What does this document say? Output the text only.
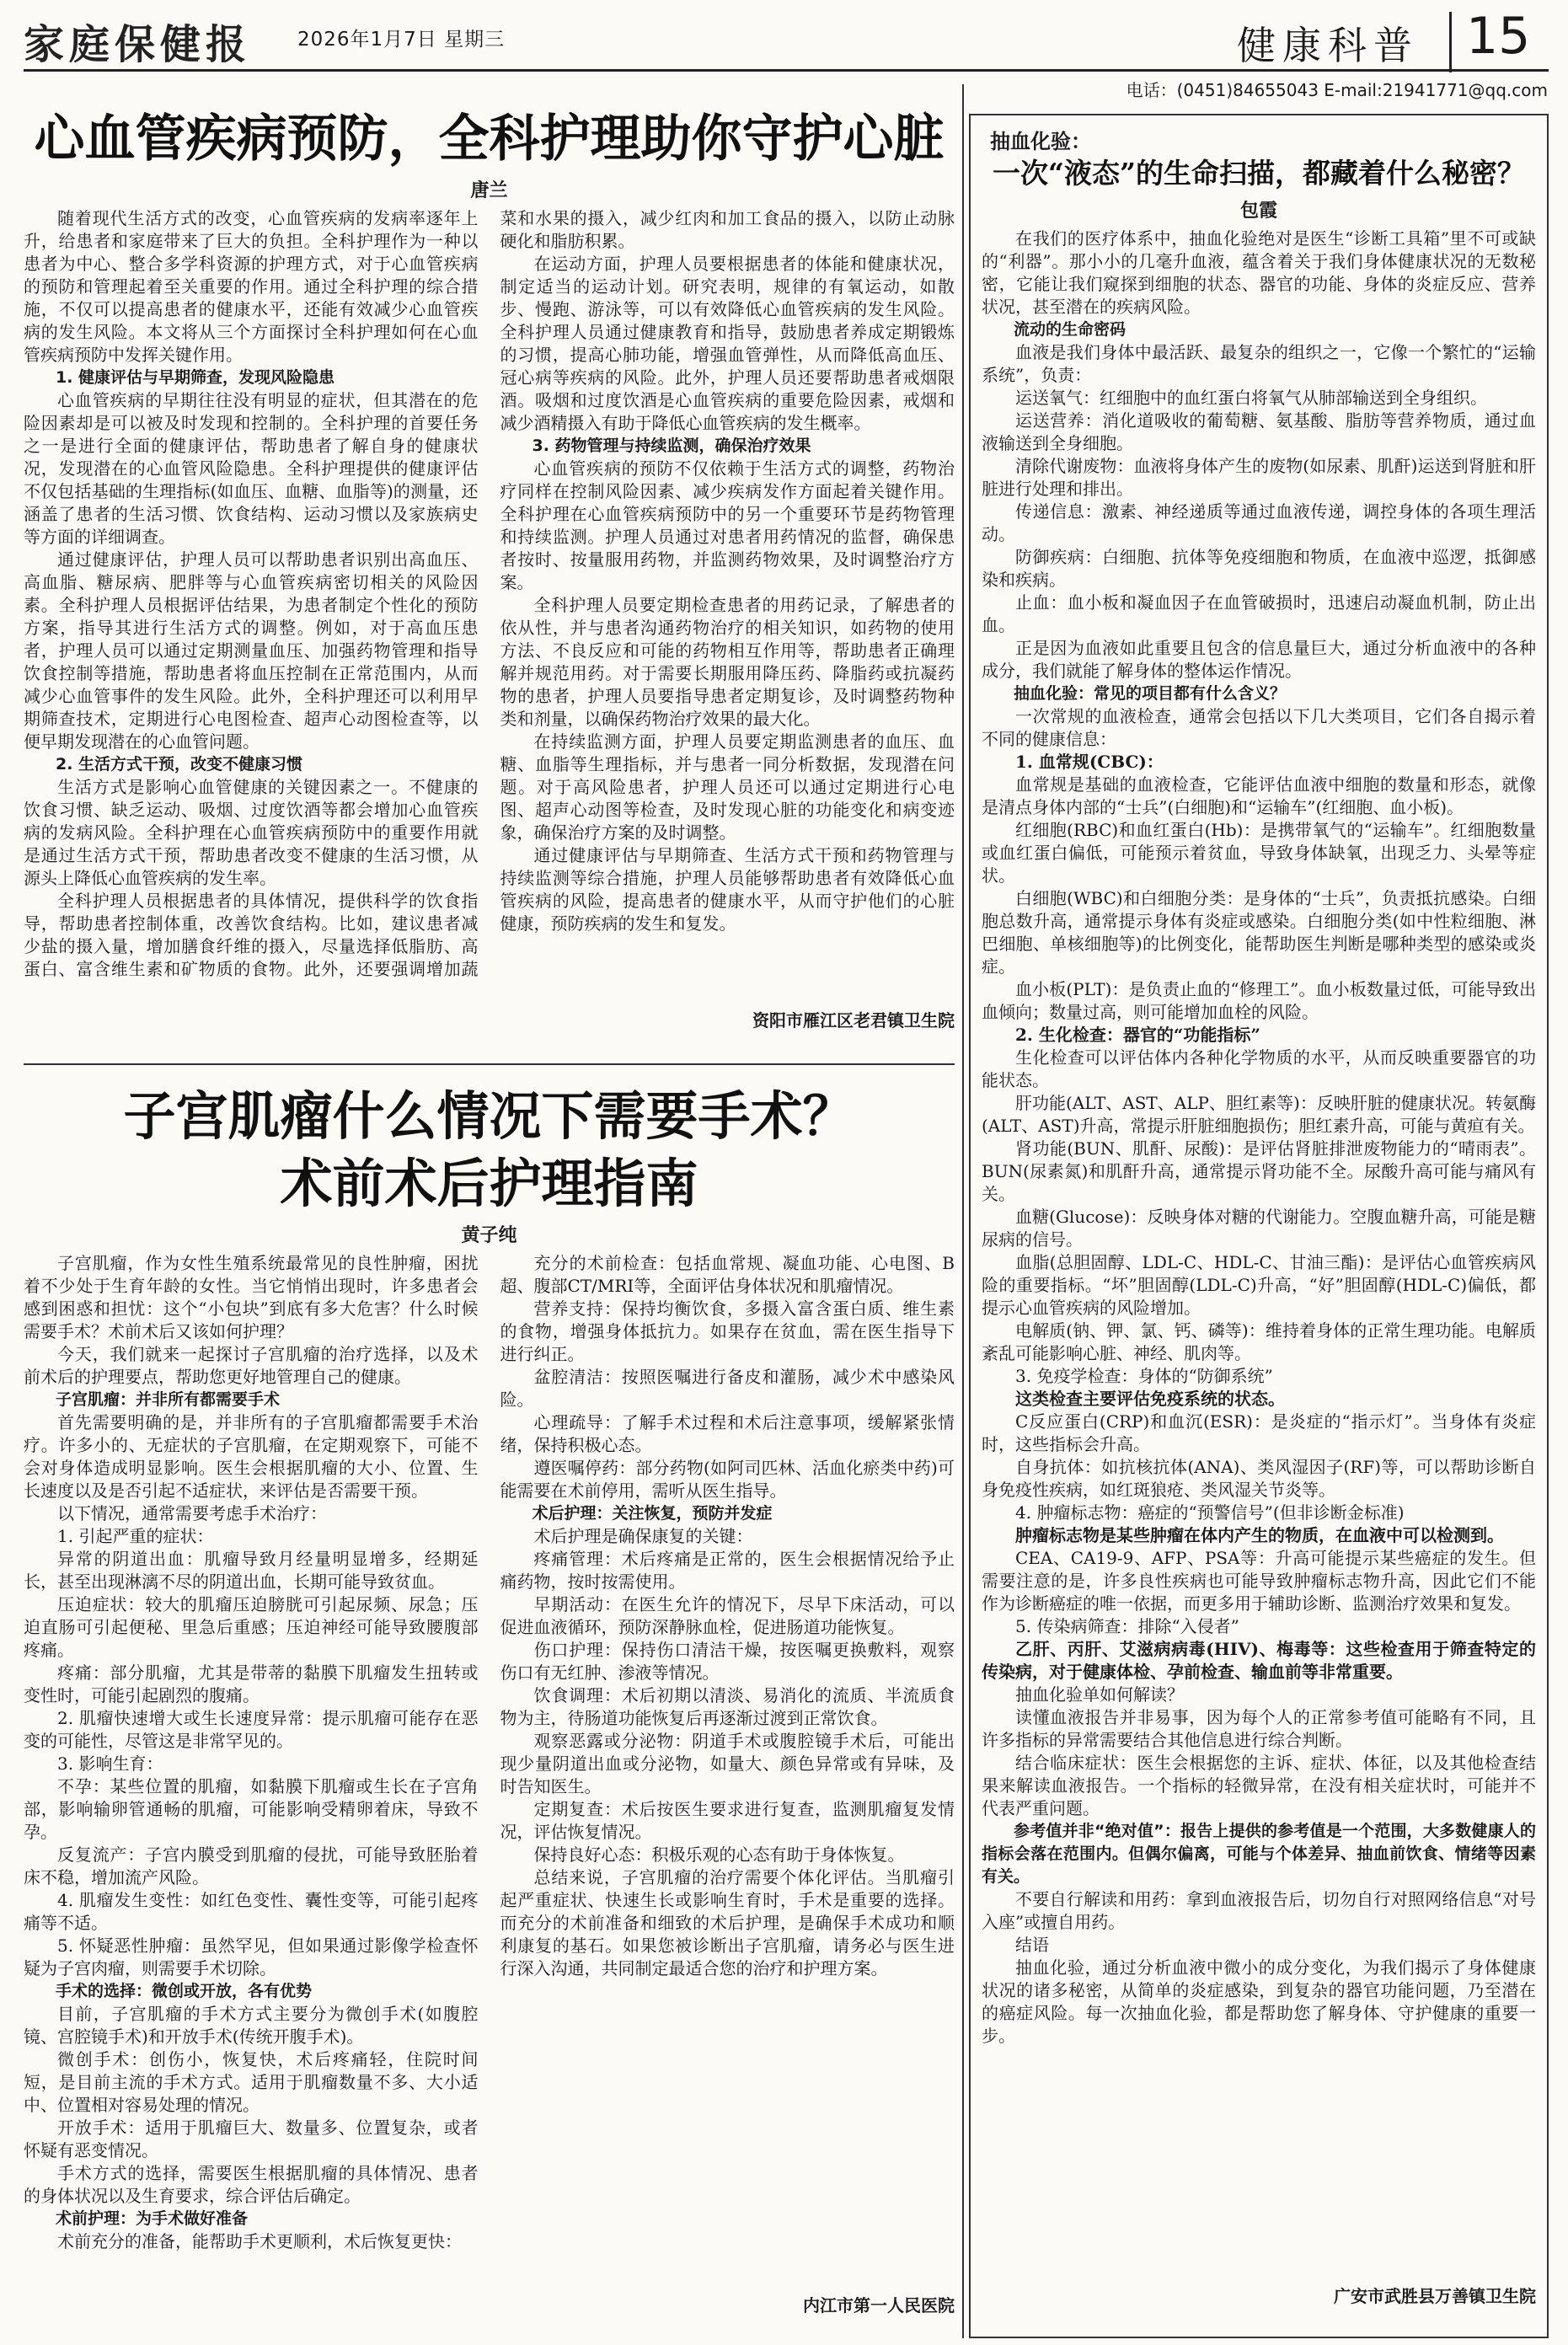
家庭保健报 2026年1月7日 星期三	健康科普 15
电话：(0451)84655043 E-mail:21941771@qq.com
心血管疾病预防，全科护理助你守护心脏
唐兰

随着现代生活方式的改变，心血管疾病的发病率逐年上升，给患者和家庭带来了巨大的负担。全科护理作为一种以患者为中心、整合多学科资源的护理方式，对于心血管疾病的预防和管理起着至关重要的作用。通过全科护理的综合措施，不仅可以提高患者的健康水平，还能有效减少心血管疾病的发生风险。本文将从三个方面探讨全科护理如何在心血管疾病预防中发挥关键作用。

1. 健康评估与早期筛查，发现风险隐患

心血管疾病的早期往往没有明显的症状，但其潜在的危险因素却是可以被及时发现和控制的。全科护理的首要任务之一是进行全面的健康评估，帮助患者了解自身的健康状况，发现潜在的心血管风险隐患。全科护理提供的健康评估不仅包括基础的生理指标(如血压、血糖、血脂等)的测量，还涵盖了患者的生活习惯、饮食结构、运动习惯以及家族病史等方面的详细调查。

通过健康评估，护理人员可以帮助患者识别出高血压、高血脂、糖尿病、肥胖等与心血管疾病密切相关的风险因素。全科护理人员根据评估结果，为患者制定个性化的预防方案，指导其进行生活方式的调整。例如，对于高血压患者，护理人员可以通过定期测量血压、加强药物管理和指导饮食控制等措施，帮助患者将血压控制在正常范围内，从而减少心血管事件的发生风险。此外，全科护理还可以利用早期筛查技术，定期进行心电图检查、超声心动图检查等，以便早期发现潜在的心血管问题。

2. 生活方式干预，改变不健康习惯

生活方式是影响心血管健康的关键因素之一。不健康的饮食习惯、缺乏运动、吸烟、过度饮酒等都会增加心血管疾病的发病风险。全科护理在心血管疾病预防中的重要作用就是通过生活方式干预，帮助患者改变不健康的生活习惯，从源头上降低心血管疾病的发生率。

全科护理人员根据患者的具体情况，提供科学的饮食指导，帮助患者控制体重，改善饮食结构。比如，建议患者减少盐的摄入量，增加膳食纤维的摄入，尽量选择低脂肪、高蛋白、富含维生素和矿物质的食物。此外，还要强调增加蔬菜和水果的摄入，减少红肉和加工食品的摄入，以防止动脉硬化和脂肪积累。

在运动方面，护理人员要根据患者的体能和健康状况，制定适当的运动计划。研究表明，规律的有氧运动，如散步、慢跑、游泳等，可以有效降低心血管疾病的发生风险。全科护理人员通过健康教育和指导，鼓励患者养成定期锻炼的习惯，提高心肺功能，增强血管弹性，从而降低高血压、冠心病等疾病的风险。此外，护理人员还要帮助患者戒烟限酒。吸烟和过度饮酒是心血管疾病的重要危险因素，戒烟和减少酒精摄入有助于降低心血管疾病的发生概率。

3. 药物管理与持续监测，确保治疗效果

心血管疾病的预防不仅依赖于生活方式的调整，药物治疗同样在控制风险因素、减少疾病发作方面起着关键作用。全科护理在心血管疾病预防中的另一个重要环节是药物管理和持续监测。护理人员通过对患者用药情况的监督，确保患者按时、按量服用药物，并监测药物效果，及时调整治疗方案。

全科护理人员要定期检查患者的用药记录，了解患者的依从性，并与患者沟通药物治疗的相关知识，如药物的使用方法、不良反应和可能的药物相互作用等，帮助患者正确理解并规范用药。对于需要长期服用降压药、降脂药或抗凝药物的患者，护理人员要指导患者定期复诊，及时调整药物种类和剂量，以确保药物治疗效果的最大化。

在持续监测方面，护理人员要定期监测患者的血压、血糖、血脂等生理指标，并与患者一同分析数据，发现潜在问题。对于高风险患者，护理人员还可以通过定期进行心电图、超声心动图等检查，及时发现心脏的功能变化和病变迹象，确保治疗方案的及时调整。

通过健康评估与早期筛查、生活方式干预和药物管理与持续监测等综合措施，护理人员能够帮助患者有效降低心血管疾病的风险，提高患者的健康水平，从而守护他们的心脏健康，预防疾病的发生和复发。

资阳市雁江区老君镇卫生院
子宫肌瘤什么情况下需要手术？
术前术后护理指南
黄子纯

子宫肌瘤，作为女性生殖系统最常见的良性肿瘤，困扰着不少处于生育年龄的女性。当它悄悄出现时，许多患者会感到困惑和担忧：这个“小包块”到底有多大危害？什么时候需要手术？术前术后又该如何护理？

今天，我们就来一起探讨子宫肌瘤的治疗选择，以及术前术后的护理要点，帮助您更好地管理自己的健康。

子宫肌瘤：并非所有都需要手术

首先需要明确的是，并非所有的子宫肌瘤都需要手术治疗。许多小的、无症状的子宫肌瘤，在定期观察下，可能不会对身体造成明显影响。医生会根据肌瘤的大小、位置、生长速度以及是否引起不适症状，来评估是否需要干预。

以下情况，通常需要考虑手术治疗：

1. 引起严重的症状：

异常的阴道出血：肌瘤导致月经量明显增多，经期延长，甚至出现淋漓不尽的阴道出血，长期可能导致贫血。

压迫症状：较大的肌瘤压迫膀胱可引起尿频、尿急；压迫直肠可引起便秘、里急后重感；压迫神经可能导致腰腹部疼痛。

疼痛：部分肌瘤，尤其是带蒂的黏膜下肌瘤发生扭转或变性时，可能引起剧烈的腹痛。

2. 肌瘤快速增大或生长速度异常：提示肌瘤可能存在恶变的可能性，尽管这是非常罕见的。

3. 影响生育：

不孕：某些位置的肌瘤，如黏膜下肌瘤或生长在子宫角部，影响输卵管通畅的肌瘤，可能影响受精卵着床，导致不孕。

反复流产：子宫内膜受到肌瘤的侵扰，可能导致胚胎着床不稳，增加流产风险。

4. 肌瘤发生变性：如红色变性、囊性变等，可能引起疼痛等不适。

5. 怀疑恶性肿瘤：虽然罕见，但如果通过影像学检查怀疑为子宫肉瘤，则需要手术切除。

手术的选择：微创或开放，各有优势

目前，子宫肌瘤的手术方式主要分为微创手术(如腹腔镜、宫腔镜手术)和开放手术(传统开腹手术)。

微创手术：创伤小，恢复快，术后疼痛轻，住院时间短，是目前主流的手术方式。适用于肌瘤数量不多、大小适中、位置相对容易处理的情况。

开放手术：适用于肌瘤巨大、数量多、位置复杂，或者怀疑有恶变情况。

手术方式的选择，需要医生根据肌瘤的具体情况、患者的身体状况以及生育要求，综合评估后确定。

术前护理：为手术做好准备

术前充分的准备，能帮助手术更顺利，术后恢复更快：

充分的术前检查：包括血常规、凝血功能、心电图、B超、腹部CT/MRI等，全面评估身体状况和肌瘤情况。

营养支持：保持均衡饮食，多摄入富含蛋白质、维生素的食物，增强身体抵抗力。如果存在贫血，需在医生指导下进行纠正。

盆腔清洁：按照医嘱进行备皮和灌肠，减少术中感染风险。

心理疏导：了解手术过程和术后注意事项，缓解紧张情绪，保持积极心态。

遵医嘱停药：部分药物(如阿司匹林、活血化瘀类中药)可能需要在术前停用，需听从医生指导。

术后护理：关注恢复，预防并发症

术后护理是确保康复的关键：

疼痛管理：术后疼痛是正常的，医生会根据情况给予止痛药物，按时按需使用。

早期活动：在医生允许的情况下，尽早下床活动，可以促进血液循环，预防深静脉血栓，促进肠道功能恢复。

伤口护理：保持伤口清洁干燥，按医嘱更换敷料，观察伤口有无红肿、渗液等情况。

饮食调理：术后初期以清淡、易消化的流质、半流质食物为主，待肠道功能恢复后再逐渐过渡到正常饮食。

观察恶露或分泌物：阴道手术或腹腔镜手术后，可能出现少量阴道出血或分泌物，如量大、颜色异常或有异味，及时告知医生。

定期复查：术后按医生要求进行复查，监测肌瘤复发情况，评估恢复情况。

保持良好心态：积极乐观的心态有助于身体恢复。

总结来说，子宫肌瘤的治疗需要个体化评估。当肌瘤引起严重症状、快速生长或影响生育时，手术是重要的选择。而充分的术前准备和细致的术后护理，是确保手术成功和顺利康复的基石。如果您被诊断出子宫肌瘤，请务必与医生进行深入沟通，共同制定最适合您的治疗和护理方案。

内江市第一人民医院
抽血化验：
一次“液态”的生命扫描，都藏着什么秘密？
包霞

在我们的医疗体系中，抽血化验绝对是医生“诊断工具箱”里不可或缺的“利器”。那小小的几毫升血液，蕴含着关于我们身体健康状况的无数秘密，它能让我们窥探到细胞的状态、器官的功能、身体的炎症反应、营养状况，甚至潜在的疾病风险。

流动的生命密码

血液是我们身体中最活跃、最复杂的组织之一，它像一个繁忙的“运输系统”，负责：

运送氧气：红细胞中的血红蛋白将氧气从肺部输送到全身组织。

运送营养：消化道吸收的葡萄糖、氨基酸、脂肪等营养物质，通过血液输送到全身细胞。

清除代谢废物：血液将身体产生的废物(如尿素、肌酐)运送到肾脏和肝脏进行处理和排出。

传递信息：激素、神经递质等通过血液传递，调控身体的各项生理活动。

防御疾病：白细胞、抗体等免疫细胞和物质，在血液中巡逻，抵御感染和疾病。

止血：血小板和凝血因子在血管破损时，迅速启动凝血机制，防止出血。

正是因为血液如此重要且包含的信息量巨大，通过分析血液中的各种成分，我们就能了解身体的整体运作情况。

抽血化验：常见的项目都有什么含义？

一次常规的血液检查，通常会包括以下几大类项目，它们各自揭示着不同的健康信息：

1. 血常规(CBC)：

血常规是基础的血液检查，它能评估血液中细胞的数量和形态，就像是清点身体内部的“士兵”(白细胞)和“运输车”(红细胞、血小板)。

红细胞(RBC)和血红蛋白(Hb)：是携带氧气的“运输车”。红细胞数量或血红蛋白偏低，可能预示着贫血，导致身体缺氧，出现乏力、头晕等症状。

白细胞(WBC)和白细胞分类：是身体的“士兵”，负责抵抗感染。白细胞总数升高，通常提示身体有炎症或感染。白细胞分类(如中性粒细胞、淋巴细胞、单核细胞等)的比例变化，能帮助医生判断是哪种类型的感染或炎症。

血小板(PLT)：是负责止血的“修理工”。血小板数量过低，可能导致出血倾向；数量过高，则可能增加血栓的风险。

2. 生化检查：器官的“功能指标”

生化检查可以评估体内各种化学物质的水平，从而反映重要器官的功能状态。

肝功能(ALT、AST、ALP、胆红素等)：反映肝脏的健康状况。转氨酶(ALT、AST)升高，常提示肝脏细胞损伤；胆红素升高，可能与黄疸有关。

肾功能(BUN、肌酐、尿酸)：是评估肾脏排泄废物能力的“晴雨表”。BUN(尿素氮)和肌酐升高，通常提示肾功能不全。尿酸升高可能与痛风有关。

血糖(Glucose)：反映身体对糖的代谢能力。空腹血糖升高，可能是糖尿病的信号。

血脂(总胆固醇、LDL-C、HDL-C、甘油三酯)：是评估心血管疾病风险的重要指标。“坏”胆固醇(LDL-C)升高，“好”胆固醇(HDL-C)偏低，都提示心血管疾病的风险增加。

电解质(钠、钾、氯、钙、磷等)：维持着身体的正常生理功能。电解质紊乱可能影响心脏、神经、肌肉等。

3. 免疫学检查：身体的“防御系统”

这类检查主要评估免疫系统的状态。

C反应蛋白(CRP)和血沉(ESR)：是炎症的“指示灯”。当身体有炎症时，这些指标会升高。

自身抗体：如抗核抗体(ANA)、类风湿因子(RF)等，可以帮助诊断自身免疫性疾病，如红斑狼疮、类风湿关节炎等。

4. 肿瘤标志物：癌症的“预警信号”(但非诊断金标准)

肿瘤标志物是某些肿瘤在体内产生的物质，在血液中可以检测到。

CEA、CA19-9、AFP、PSA等：升高可能提示某些癌症的发生。但需要注意的是，许多良性疾病也可能导致肿瘤标志物升高，因此它们不能作为诊断癌症的唯一依据，而更多用于辅助诊断、监测治疗效果和复发。

5. 传染病筛查：排除“入侵者”

乙肝、丙肝、艾滋病病毒(HIV)、梅毒等：这些检查用于筛查特定的传染病，对于健康体检、孕前检查、输血前等非常重要。

抽血化验单如何解读？

读懂血液报告并非易事，因为每个人的正常参考值可能略有不同，且许多指标的异常需要结合其他信息进行综合判断。

结合临床症状：医生会根据您的主诉、症状、体征，以及其他检查结果来解读血液报告。一个指标的轻微异常，在没有相关症状时，可能并不代表严重问题。

参考值并非“绝对值”：报告上提供的参考值是一个范围，大多数健康人的指标会落在范围内。但偶尔偏离，可能与个体差异、抽血前饮食、情绪等因素有关。

不要自行解读和用药：拿到血液报告后，切勿自行对照网络信息“对号入座”或擅自用药。

结语

抽血化验，通过分析血液中微小的成分变化，为我们揭示了身体健康状况的诸多秘密，从简单的炎症感染，到复杂的器官功能问题，乃至潜在的癌症风险。每一次抽血化验，都是帮助您了解身体、守护健康的重要一步。

广安市武胜县万善镇卫生院
